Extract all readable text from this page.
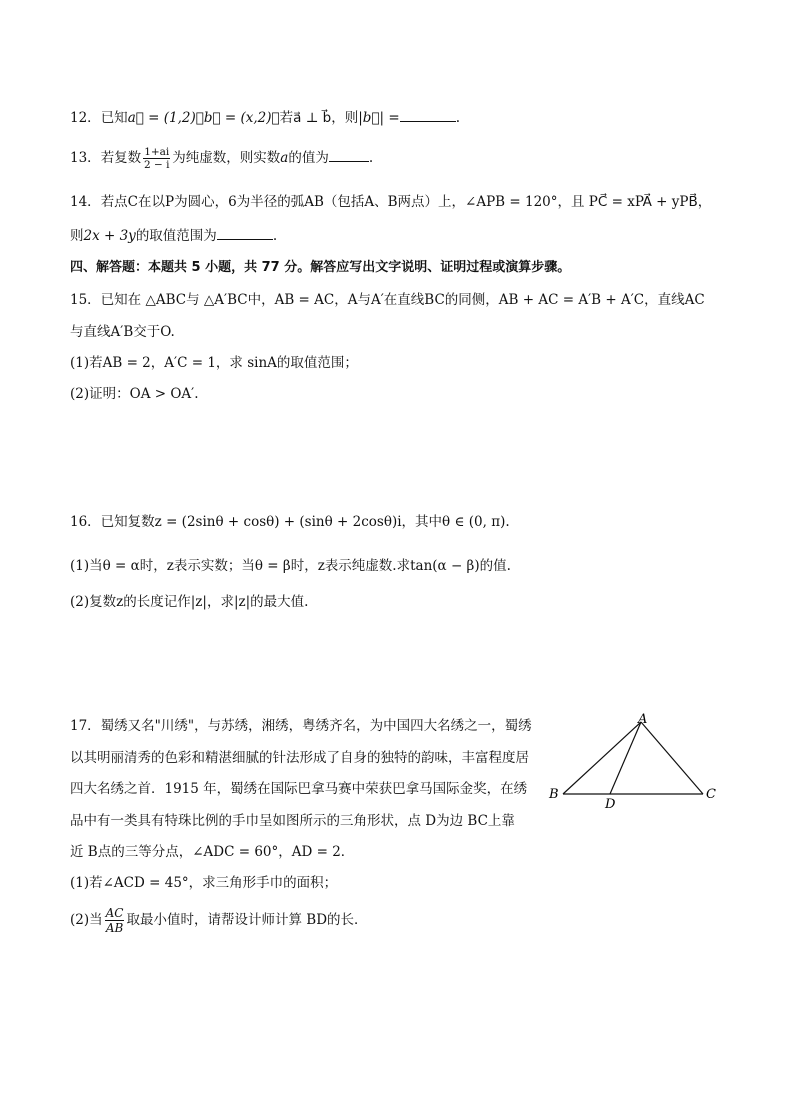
12．已知a⃗ = (1,2)，b⃗ = (x,2)，若a⃗ ⊥ b⃗，则|b⃗| =	.
13．若复数 $\frac{1+ai}{2 - i}$ 为纯虚数，则实数a的值为	.
14．若点C在以P为圆心，6为半径的弧AB（包括A、B两点）上，∠APB = 120°，且 PC⃗ = xPA⃗ + yPB⃗，
则2x + 3y的取值范围为	.
四、解答题：本题共 5 小题，共 77 分。解答应写出文字说明、证明过程或演算步骤。
15．已知在 △ABC与 △A′BC中，AB = AC，A与A′在直线BC的同侧，AB + AC = A′B + A′C，直线AC
与直线A′B交于O.
(1)若AB = 2，A′C = 1，求 sinA的取值范围；
(2)证明：OA > OA′.
16．已知复数z = (2sinθ + cosθ) + (sinθ + 2cosθ)i，其中θ ∈ (0, π).
(1)当θ = α时，z表示实数；当θ = β时，z表示纯虚数.求tan(α − β)的值.
(2)复数z的长度记作|z|，求|z|的最大值.
17．蜀绣又名"川绣"，与苏绣，湘绣，粤绣齐名，为中国四大名绣之一，蜀绣
以其明丽清秀的色彩和精湛细腻的针法形成了自身的独特的韵味，丰富程度居
四大名绣之首．1915 年，蜀绣在国际巴拿马赛中荣获巴拿马国际金奖，在绣
品中有一类具有特珠比例的手巾呈如图所示的三角形状，点 D为边 BC上靠
近 B点的三等分点，∠ADC = 60°，AD = 2．
(1)若∠ACD = 45°，求三角形手巾的面积；
(2)当 $\frac{AC}{AB}$ 取最小值时，请帮设计师计算 BD的长．
A
B	C
D
